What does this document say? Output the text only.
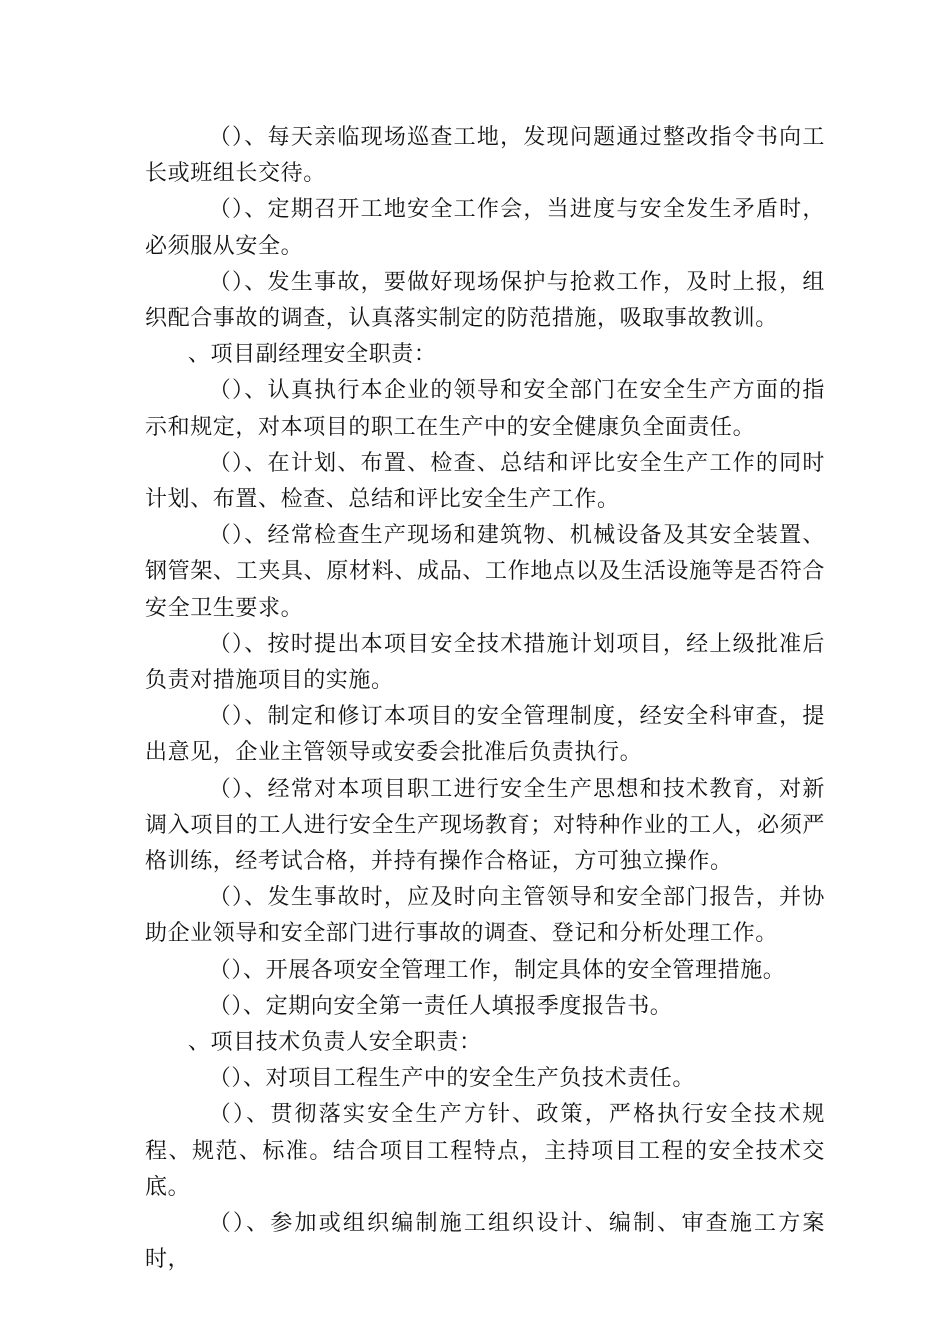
（）、每天亲临现场巡查工地，发现问题通过整改指令书向工长或班组长交待。

（）、定期召开工地安全工作会，当进度与安全发生矛盾时，必须服从安全。

（）、发生事故，要做好现场保护与抢救工作，及时上报，组织配合事故的调查，认真落实制定的防范措施，吸取事故教训。

、项目副经理安全职责：

（）、认真执行本企业的领导和安全部门在安全生产方面的指示和规定，对本项目的职工在生产中的安全健康负全面责任。

（）、在计划、布置、检查、总结和评比安全生产工作的同时计划、布置、检查、总结和评比安全生产工作。

（）、经常检查生产现场和建筑物、机械设备及其安全装置、钢管架、工夹具、原材料、成品、工作地点以及生活设施等是否符合安全卫生要求。

（）、按时提出本项目安全技术措施计划项目，经上级批准后负责对措施项目的实施。

（）、制定和修订本项目的安全管理制度，经安全科审查，提出意见，企业主管领导或安委会批准后负责执行。

（）、经常对本项目职工进行安全生产思想和技术教育，对新调入项目的工人进行安全生产现场教育；对特种作业的工人，必须严格训练，经考试合格，并持有操作合格证，方可独立操作。

（）、发生事故时，应及时向主管领导和安全部门报告，并协助企业领导和安全部门进行事故的调查、登记和分析处理工作。

（）、开展各项安全管理工作，制定具体的安全管理措施。

（）、定期向安全第一责任人填报季度报告书。

、项目技术负责人安全职责：

（）、对项目工程生产中的安全生产负技术责任。

（）、贯彻落实安全生产方针、政策，严格执行安全技术规程、规范、标准。结合项目工程特点，主持项目工程的安全技术交底。

（）、参加或组织编制施工组织设计、编制、审查施工方案时，
